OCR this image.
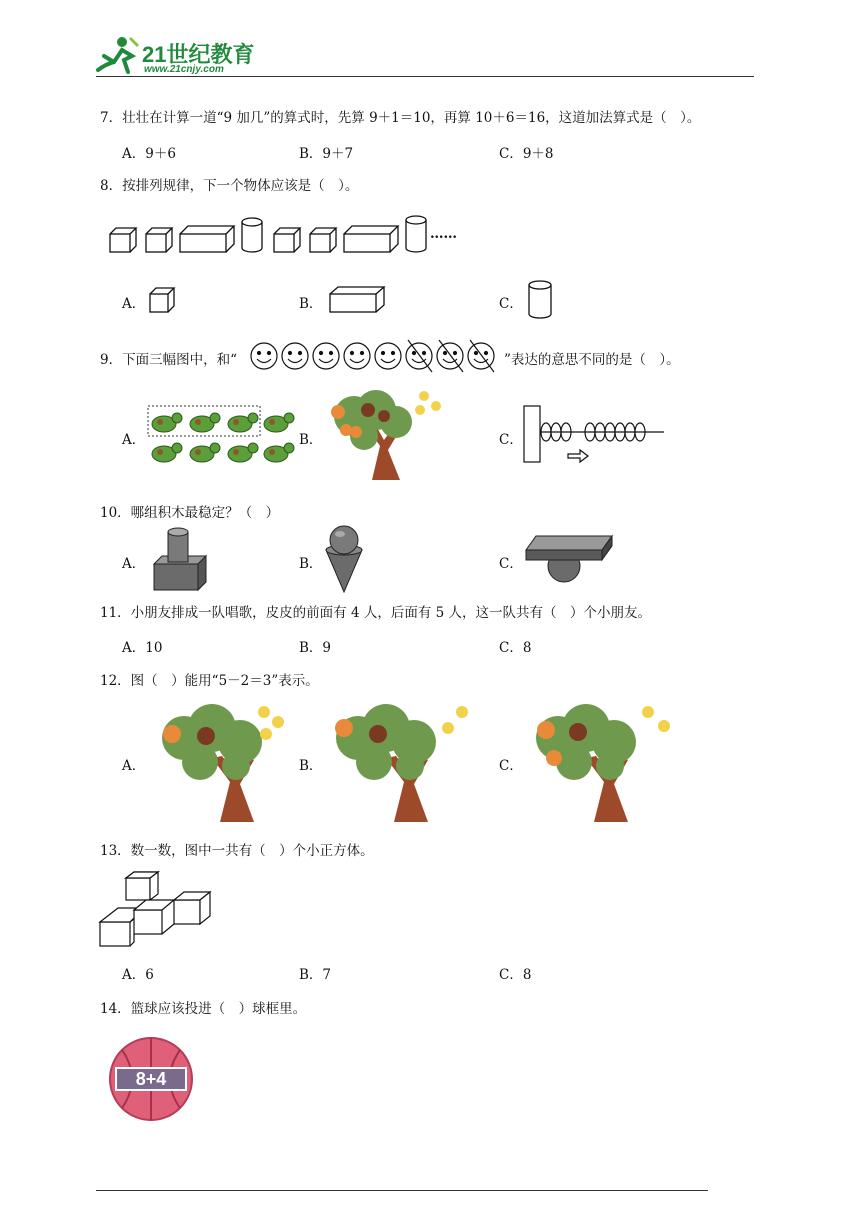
21世纪教育
www.21cnjy.com
7．壮壮在计算一道“9 加几”的算式时，先算 9＋1＝10，再算 10＋6＝16，这道加法算式是（　）。
A．9＋6	B．9＋7	C．9＋8
8．按排列规律，下一个物体应该是（　）。
……
A．	B．	C．
9．下面三幅图中，和“	”表达的意思不同的是（　）。
A．	B．	C．
10．哪组积木最稳定？（　）
A．	B．	C．
11．小朋友排成一队唱歌，皮皮的前面有 4 人，后面有 5 人，这一队共有（　）个小朋友。
A．10	B．9	C．8
12．图（　）能用“5－2＝3”表示。
A．	B．	C．
13．数一数，图中一共有（　）个小正方体。
A．6	B．7	C．8
14．篮球应该投进（　）球框里。
8+4
